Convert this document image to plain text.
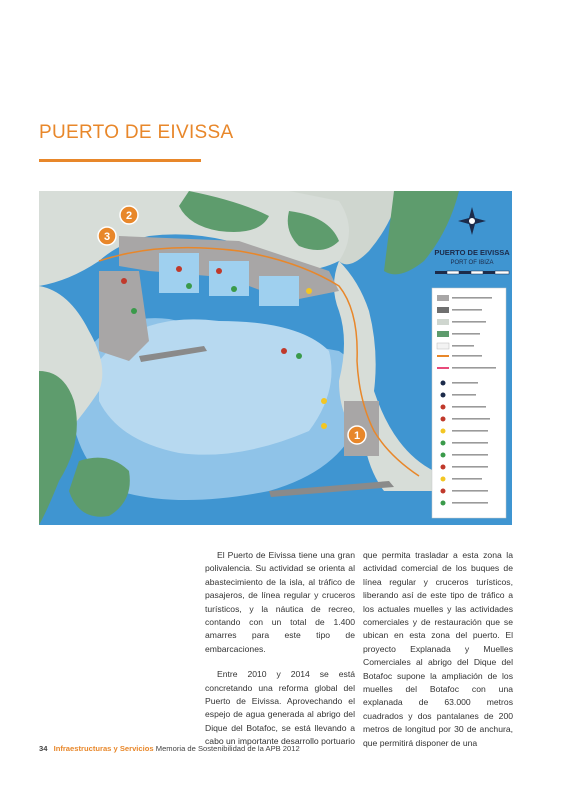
PUERTO DE EIVISSA
1
2
3
PUERTO DE EIVISSA
PORT OF IBIZA

El Puerto de Eivissa tiene una gran polivalencia. Su actividad se orienta al abastecimiento de la isla, al tráfico de pasajeros, de línea regular y cruceros turísticos, y la náutica de recreo, contando con un total de 1.400 amarres para este tipo de embarcaciones.

Entre 2010 y 2014 se está concretando una reforma global del Puerto de Eivissa. Aprovechando el espejo de agua generada al abrigo del Dique del Botafoc, se está llevando a cabo un importante desarrollo portuario

que permita trasladar a esta zona la actividad comercial de los buques de línea regular y cruceros turísticos, liberando así de este tipo de tráfico a los actuales muelles y las actividades comerciales y de restauración que se ubican en esta zona del puerto. El proyecto Explanada y Muelles Comerciales al abrigo del Dique del Botafoc supone la ampliación de los muelles del Botafoc con una explanada de 63.000 metros cuadrados y dos pantalanes de 200 metros de longitud por 30 de anchura, que permitirá disponer de una

34 Infraestructuras y Servicios Memoria de Sostenibilidad de la APB 2012
